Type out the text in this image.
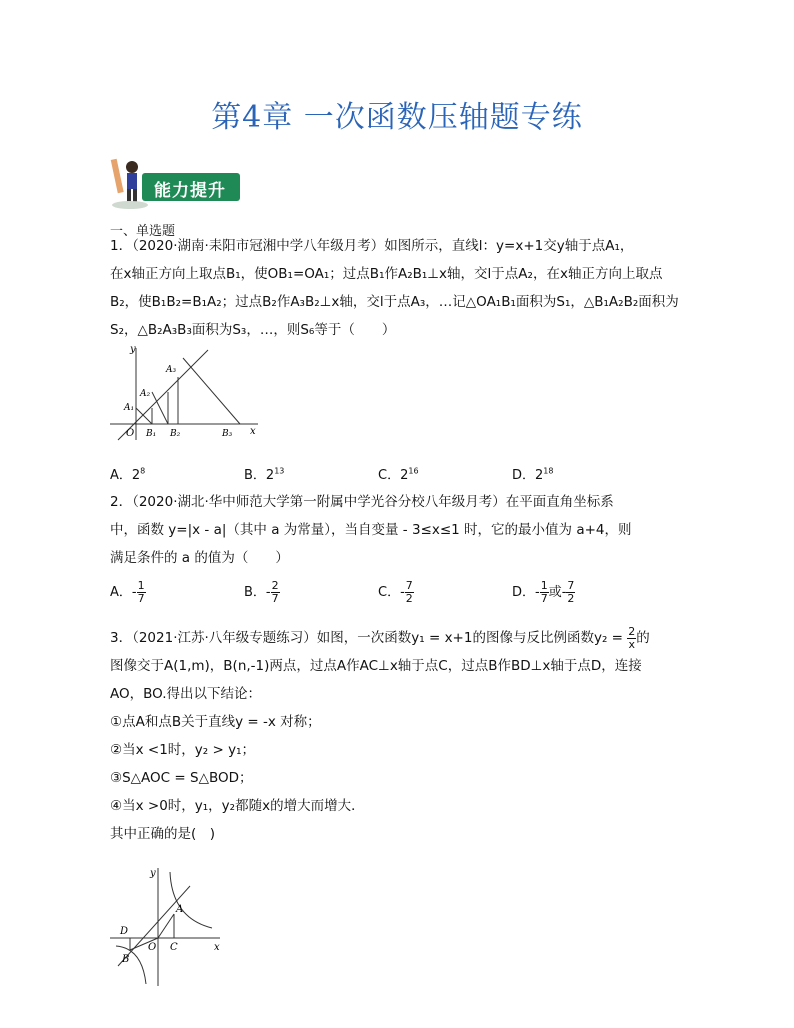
第4章 一次函数压轴题专练
能力提升
一、单选题
1．（2020·湖南·耒阳市冠湘中学八年级月考）如图所示，直线l：y=x+1交y轴于点A₁，
在x轴正方向上取点B₁，使OB₁=OA₁；过点B₁作A₂B₁⊥x轴，交l于点A₂，在x轴正方向上取点
B₂，使B₁B₂=B₁A₂；过点B₂作A₃B₂⊥x轴，交l于点A₃，…记△OA₁B₁面积为S₁，△B₁A₂B₂面积为
S₂，△B₂A₃B₃面积为S₃，…，则S₆等于（　　）
y
x
O
A₁
A₂
A₃
B₁ B₂	B₃
A．$2^8$	B．$2^{13}$	C．$2^{16}$	D．$2^{18}$
2．（2020·湖北·华中师范大学第一附属中学光谷分校八年级月考）在平面直角坐标系
中，函数 y=|x - a|（其中 a 为常量），当自变量 - 3≤x≤1 时，它的最小值为 a+4，则
满足条件的 a 的值为（　　）
A．- $\frac{1}{7}$	B．- $\frac{2}{7}$	C．- $\frac{7}{2}$	D．- $\frac{1}{7}$ 或- $\frac{7}{2}$
3．（2021·江苏·八年级专题练习）如图，一次函数y₁ = x+1的图像与反比例函数$y_2 = \frac{2}{x}$ 的
图像交于A(1,m)，B(n,-1)两点，过点A作AC⊥x轴于点C，过点B作BD⊥x轴于点D，连接
AO，BO.得出以下结论：
①点A和点B关于直线y = -x 对称；
②当x <1时，y₂ > y₁；
③S△AOC = S△BOD；
④当x >0时，y₁，y₂都随x的增大而增大．
其中正确的是(　)
y
x
O
A
B
C
D
